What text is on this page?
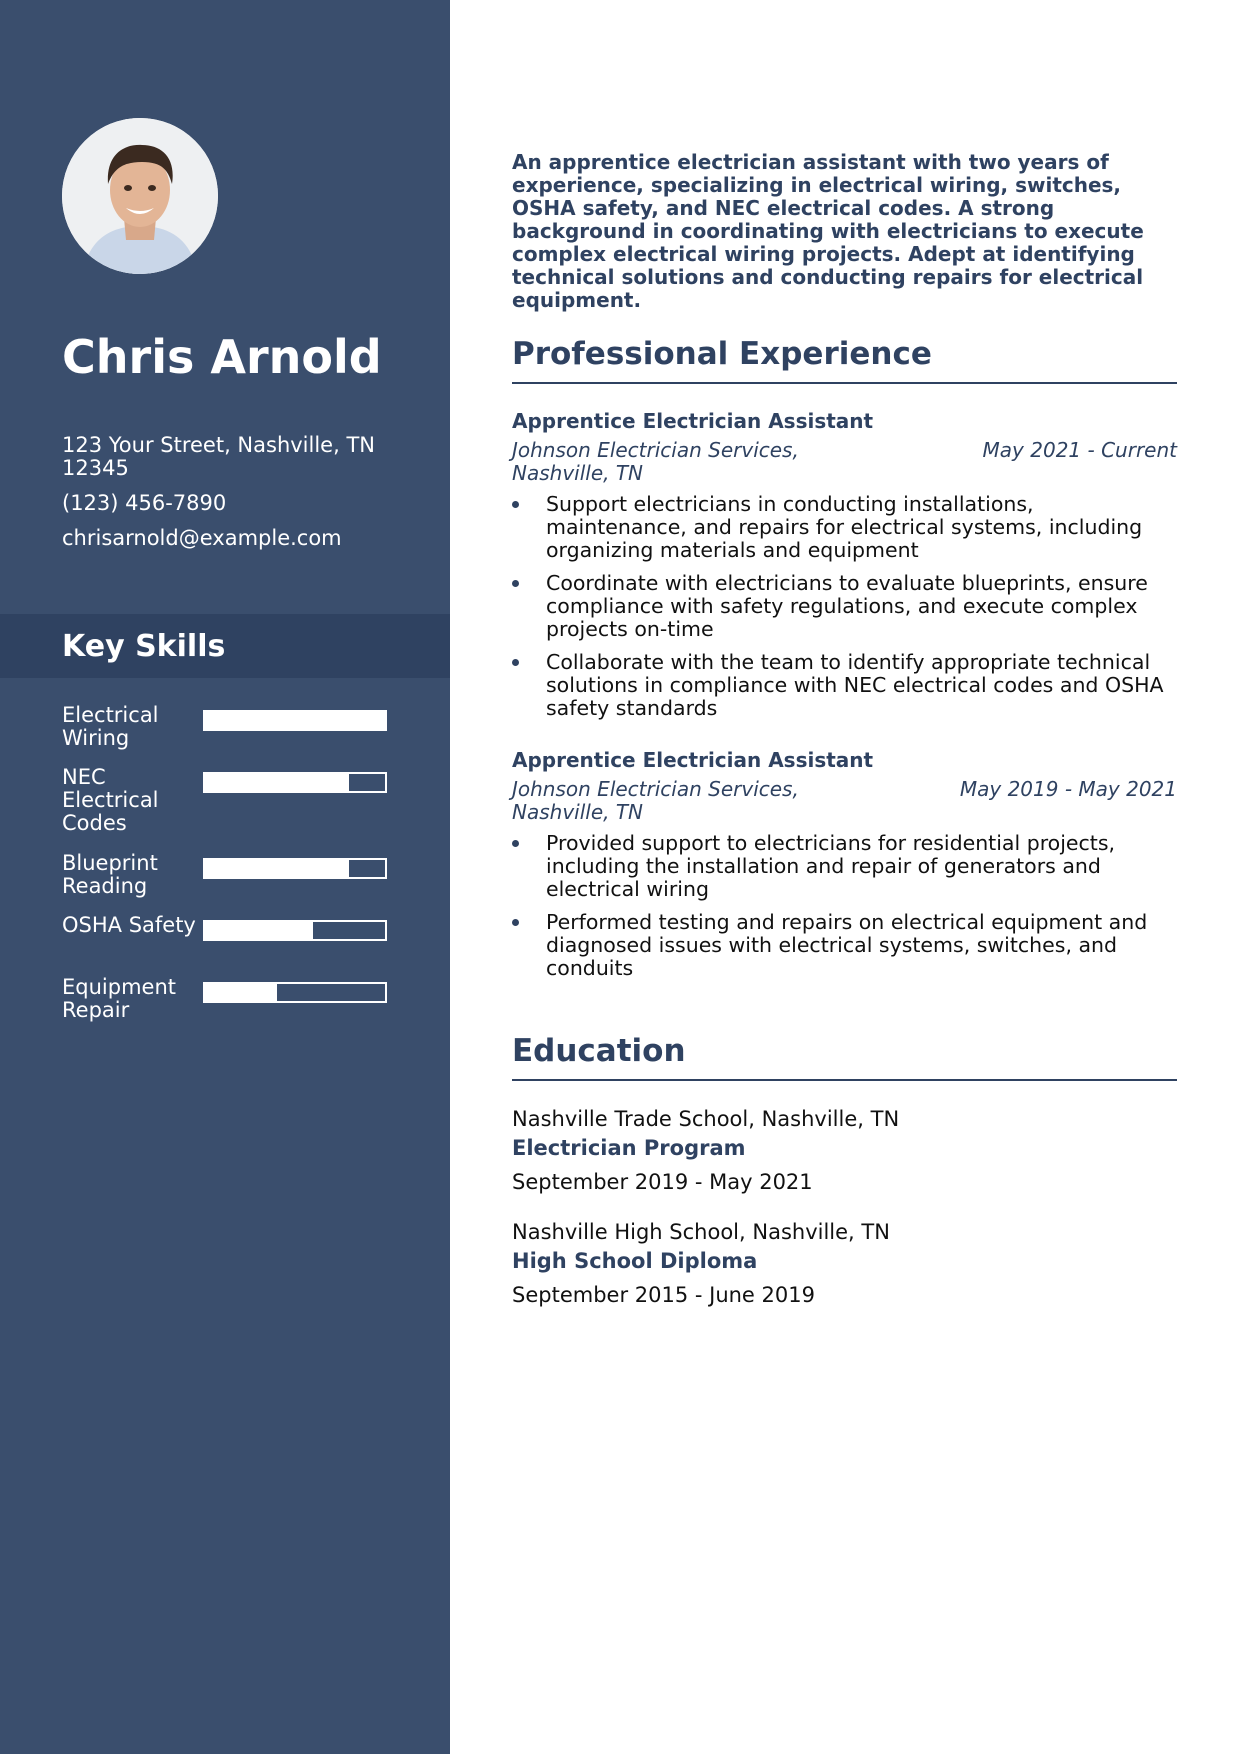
Chris Arnold
123 Your Street, Nashville, TN 12345
(123) 456-7890
chrisarnold@example.com
Key Skills
Electrical Wiring
NEC Electrical Codes
Blueprint Reading
OSHA Safety
Equipment Repair

An apprentice electrician assistant with two years of experience, specializing in electrical wiring, switches, OSHA safety, and NEC electrical codes. A strong background in coordinating with electricians to execute complex electrical wiring projects. Adept at identifying technical solutions and conducting repairs for electrical equipment.

Professional Experience
Apprentice Electrician Assistant
Johnson Electrician Services, Nashville, TN
May 2021 - Current
Support electricians in conducting installations, maintenance, and repairs for electrical systems, including organizing materials and equipment
Coordinate with electricians to evaluate blueprints, ensure compliance with safety regulations, and execute complex projects on-time
Collaborate with the team to identify appropriate technical solutions in compliance with NEC electrical codes and OSHA safety standards
Apprentice Electrician Assistant
Johnson Electrician Services, Nashville, TN
May 2019 - May 2021
Provided support to electricians for residential projects, including the installation and repair of generators and electrical wiring
Performed testing and repairs on electrical equipment and diagnosed issues with electrical systems, switches, and conduits
Education
Nashville Trade School, Nashville, TN
Electrician Program
September 2019 - May 2021
Nashville High School, Nashville, TN
High School Diploma
September 2015 - June 2019
